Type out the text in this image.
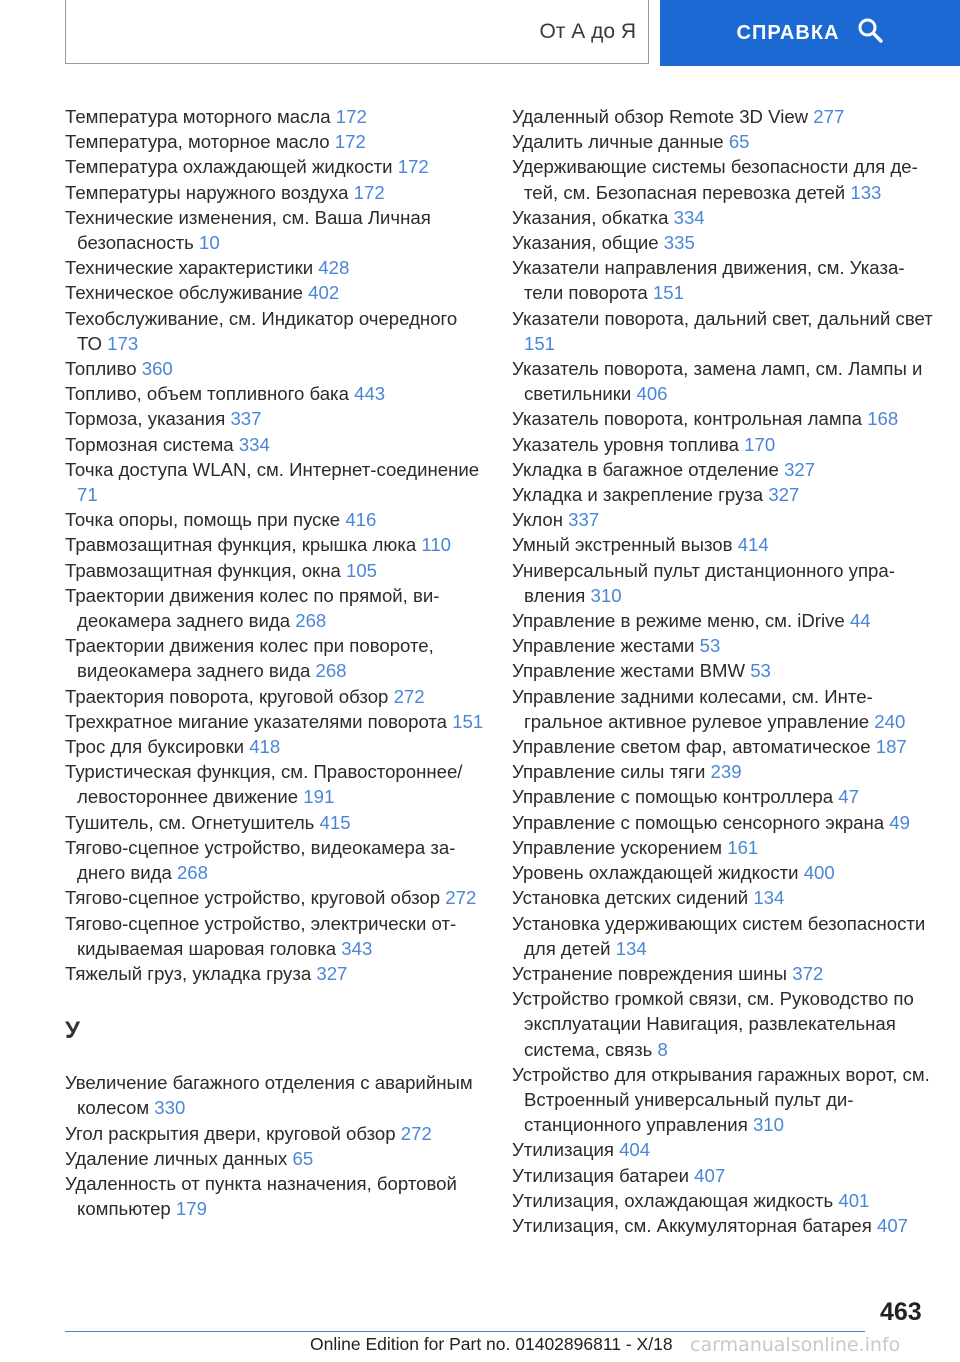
От А до Я	СПРАВКА
Температура моторного масла 172
Температура, моторное масло 172
Температура охлаждающей жидкости 172
Температуры наружного воздуха 172
Технические изменения, см. Ваша Личная безопасность 10
Технические характеристики 428
Техническое обслуживание 402
Техобслуживание, см. Индикатор очередного ТО 173
Топливо 360
Топливо, объем топливного бака 443
Тормоза, указания 337
Тормозная система 334
Точка доступа WLAN, см. Интернет-соединение 71
Точка опоры, помощь при пуске 416
Травмозащитная функция, крышка люка 110
Травмозащитная функция, окна 105
Траектории движения колес по прямой, видеокамера заднего вида 268
Траектории движения колес при повороте, видеокамера заднего вида 268
Траектория поворота, круговой обзор 272
Трехкратное мигание указателями поворота 151
Трос для буксировки 418
Туристическая функция, см. Правостороннее/левостороннее движение 191
Тушитель, см. Огнетушитель 415
Тягово-сцепное устройство, видеокамера заднего вида 268
Тягово-сцепное устройство, круговой обзор 272
Тягово-сцепное устройство, электрически откидываемая шаровая головка 343
Тяжелый груз, укладка груза 327
У
Увеличение багажного отделения с аварийным колесом 330
Угол раскрытия двери, круговой обзор 272
Удаление личных данных 65
Удаленность от пункта назначения, бортовой компьютер 179
Удаленный обзор Remote 3D View 277
Удалить личные данные 65
Удерживающие системы безопасности для детей, см. Безопасная перевозка детей 133
Указания, обкатка 334
Указания, общие 335
Указатели направления движения, см. Указатели поворота 151
Указатели поворота, дальний свет, дальний свет 151
Указатель поворота, замена ламп, см. Лампы и светильники 406
Указатель поворота, контрольная лампа 168
Указатель уровня топлива 170
Укладка в багажное отделение 327
Укладка и закрепление груза 327
Уклон 337
Умный экстренный вызов 414
Универсальный пульт дистанционного управления 310
Управление в режиме меню, см. iDrive 44
Управление жестами 53
Управление жестами BMW 53
Управление задними колесами, см. Интегральное активное рулевое управление 240
Управление светом фар, автоматическое 187
Управление силы тяги 239
Управление с помощью контроллера 47
Управление с помощью сенсорного экрана 49
Управление ускорением 161
Уровень охлаждающей жидкости 400
Установка детских сидений 134
Установка удерживающих систем безопасности для детей 134
Устранение повреждения шины 372
Устройство громкой связи, см. Руководство по эксплуатации Навигация, развлекательная система, связь 8
Устройство для открывания гаражных ворот, см. Встроенный универсальный пульт дистанционного управления 310
Утилизация 404
Утилизация батареи 407
Утилизация, охлаждающая жидкость 401
Утилизация, см. Аккумуляторная батарея 407
463
Online Edition for Part no. 01402896811 - X/18 carmanualsonline.info
